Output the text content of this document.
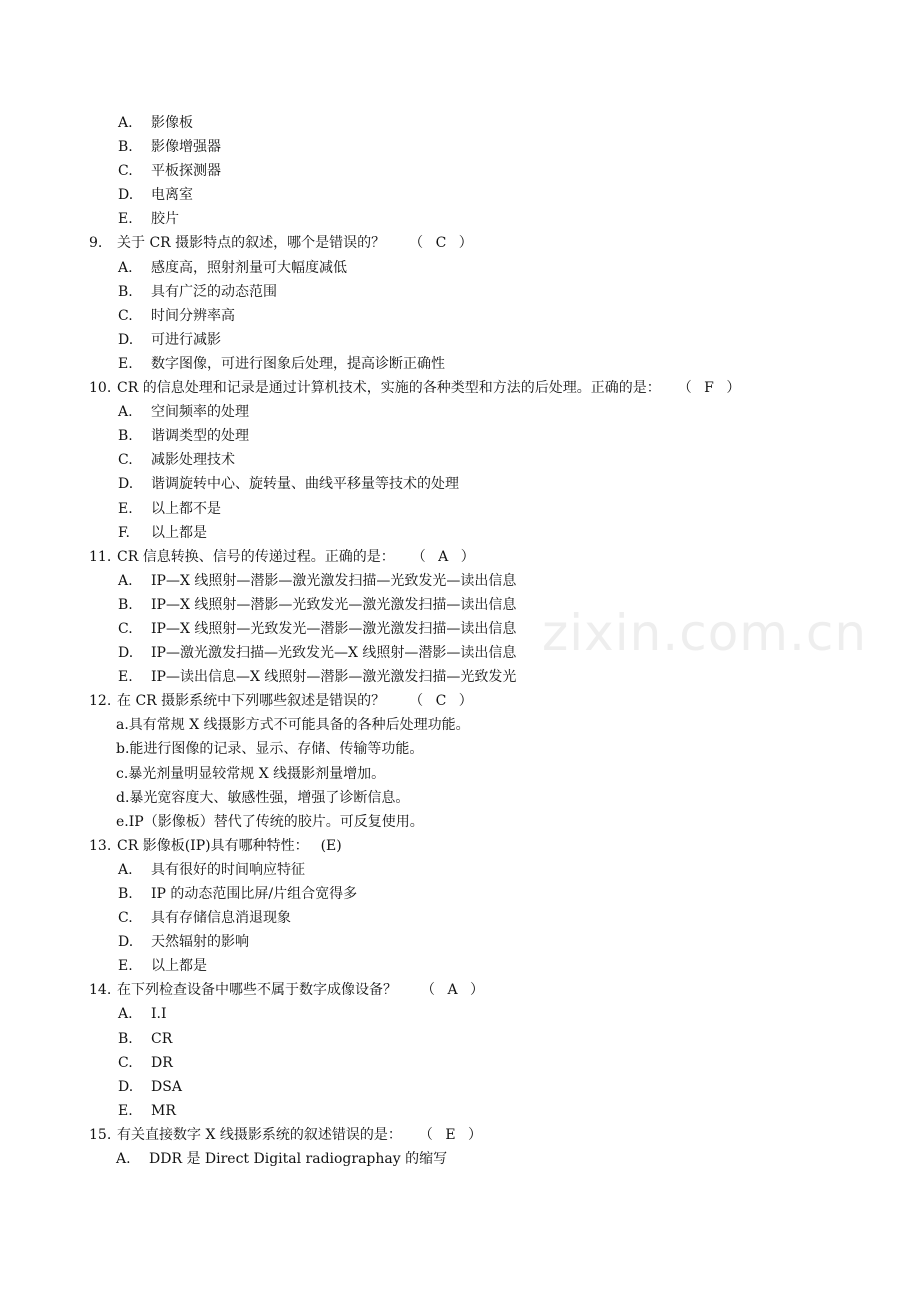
A. 影像板
B. 影像增强器
C. 平板探测器
D. 电离室
E. 胶片
9. 关于 CR 摄影特点的叙述，哪个是错误的？ （ C ）
A. 感度高，照射剂量可大幅度减低
B. 具有广泛的动态范围
C. 时间分辨率高
D. 可进行减影
E. 数字图像，可进行图象后处理，提高诊断正确性
10. CR 的信息处理和记录是通过计算机技术，实施的各种类型和方法的后处理。正确的是： （ F ）
A. 空间频率的处理
B. 谐调类型的处理
C. 减影处理技术
D. 谐调旋转中心、旋转量、曲线平移量等技术的处理
E. 以上都不是
F. 以上都是
11. CR 信息转换、信号的传递过程。正确的是： （ A ）
A. IP—X 线照射—潜影—激光激发扫描—光致发光—读出信息
B. IP—X 线照射—潜影—光致发光—激光激发扫描—读出信息
C. IP—X 线照射—光致发光—潜影—激光激发扫描—读出信息
D. IP—激光激发扫描—光致发光—X 线照射—潜影—读出信息
E. IP—读出信息—X 线照射—潜影—激光激发扫描—光致发光
12. 在 CR 摄影系统中下列哪些叙述是错误的？ （ C ）
a.具有常规 X 线摄影方式不可能具备的各种后处理功能。
b.能进行图像的记录、显示、存储、传输等功能。
c.暴光剂量明显较常规 X 线摄影剂量增加。
d.暴光宽容度大、敏感性强，增强了诊断信息。
e.IP（影像板）替代了传统的胶片。可反复使用。
13. CR 影像板(IP)具有哪种特性： (E)
A. 具有很好的时间响应特征
B. IP 的动态范围比屏/片组合宽得多
C. 具有存储信息消退现象
D. 天然辐射的影响
E. 以上都是
14. 在下列检查设备中哪些不属于数字成像设备？ （ A ）
A. I.I
B. CR
C. DR
D. DSA
E. MR
15. 有关直接数字 X 线摄影系统的叙述错误的是： （ E ）
A. DDR 是 Direct Digital radiographay 的缩写
zixin.com.cn
